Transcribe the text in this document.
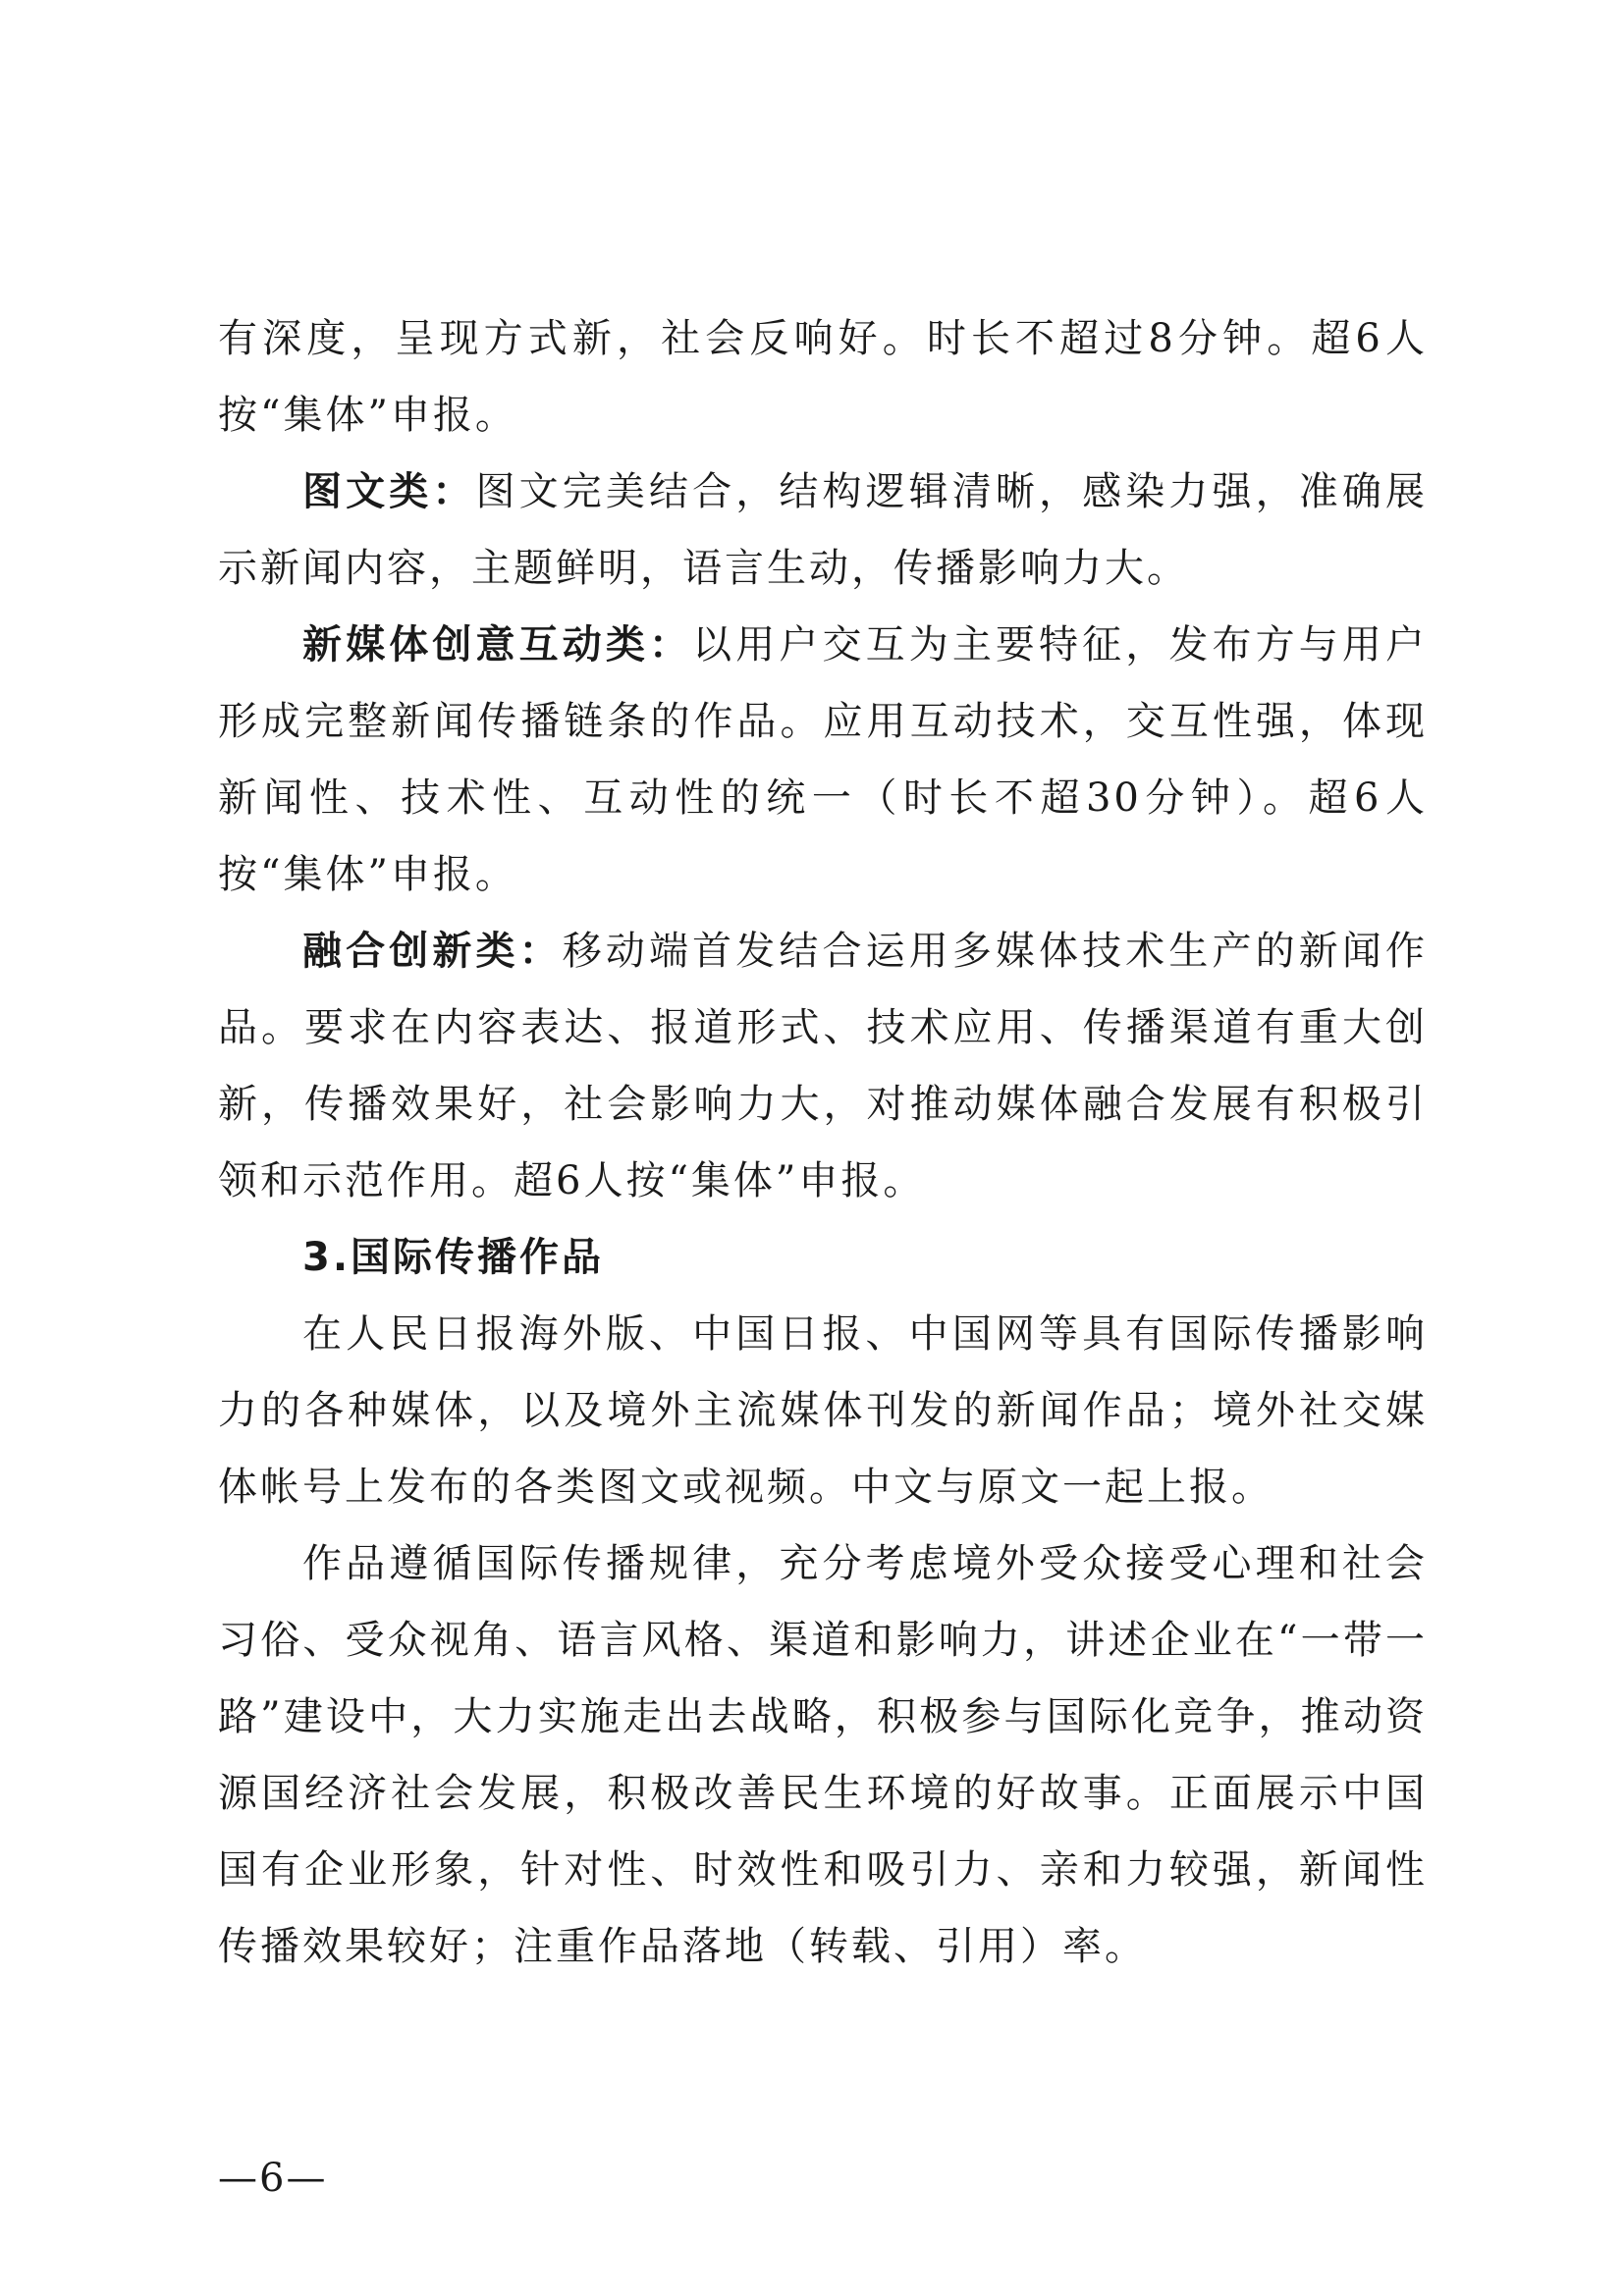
有深度，呈现方式新，社会反响好。时长不超过8分钟。超6人按“集体”申报。

图文类：图文完美结合，结构逻辑清晰，感染力强，准确展示新闻内容，主题鲜明，语言生动，传播影响力大。

新媒体创意互动类：以用户交互为主要特征，发布方与用户形成完整新闻传播链条的作品。应用互动技术，交互性强，体现新闻性、技术性、互动性的统一（时长不超30分钟）。超6人按“集体”申报。

融合创新类：移动端首发结合运用多媒体技术生产的新闻作品。要求在内容表达、报道形式、技术应用、传播渠道有重大创新，传播效果好，社会影响力大，对推动媒体融合发展有积极引领和示范作用。超6人按“集体”申报。

3.国际传播作品

在人民日报海外版、中国日报、中国网等具有国际传播影响力的各种媒体，以及境外主流媒体刊发的新闻作品；境外社交媒体帐号上发布的各类图文或视频。中文与原文一起上报。

作品遵循国际传播规律，充分考虑境外受众接受心理和社会习俗、受众视角、语言风格、渠道和影响力，讲述企业在“一带一路”建设中，大力实施走出去战略，积极参与国际化竞争，推动资源国经济社会发展，积极改善民生环境的好故事。正面展示中国国有企业形象，针对性、时效性和吸引力、亲和力较强，新闻性传播效果较好；注重作品落地（转载、引用）率。

—6—
